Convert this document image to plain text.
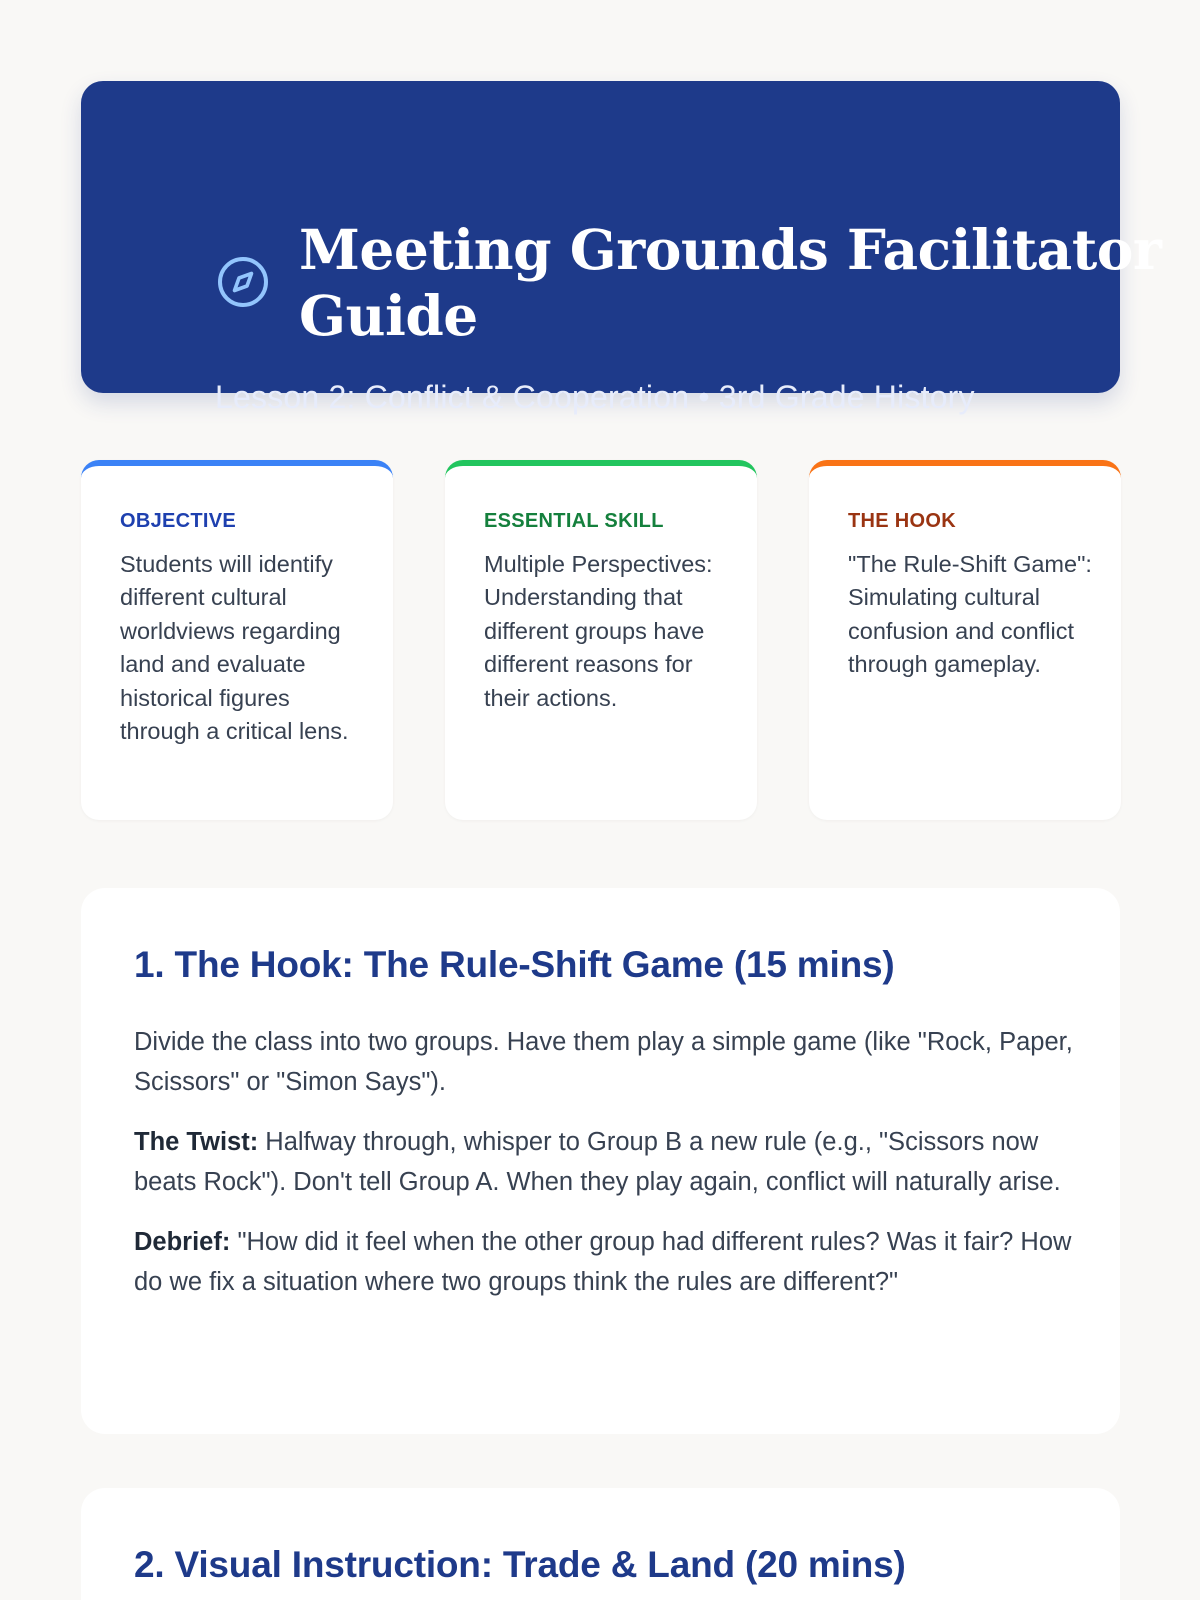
Meeting Grounds Facilitator Guide
Lesson 2: Conflict & Cooperation • 3rd Grade History
OBJECTIVE
Students will identify different cultural worldviews regarding land and evaluate historical figures through a critical lens.
ESSENTIAL SKILL
Multiple Perspectives: Understanding that different groups have different reasons for their actions.
THE HOOK
"The Rule-Shift Game": Simulating cultural confusion and conflict through gameplay.
1. The Hook: The Rule-Shift Game (15 mins)

Divide the class into two groups. Have them play a simple game (like "Rock, Paper, Scissors" or "Simon Says").

The Twist: Halfway through, whisper to Group B a new rule (e.g., "Scissors now beats Rock"). Don't tell Group A. When they play again, conflict will naturally arise.

Debrief: "How did it feel when the other group had different rules? Was it fair? How do we fix a situation where two groups think the rules are different?"

2. Visual Instruction: Trade & Land (20 mins)
